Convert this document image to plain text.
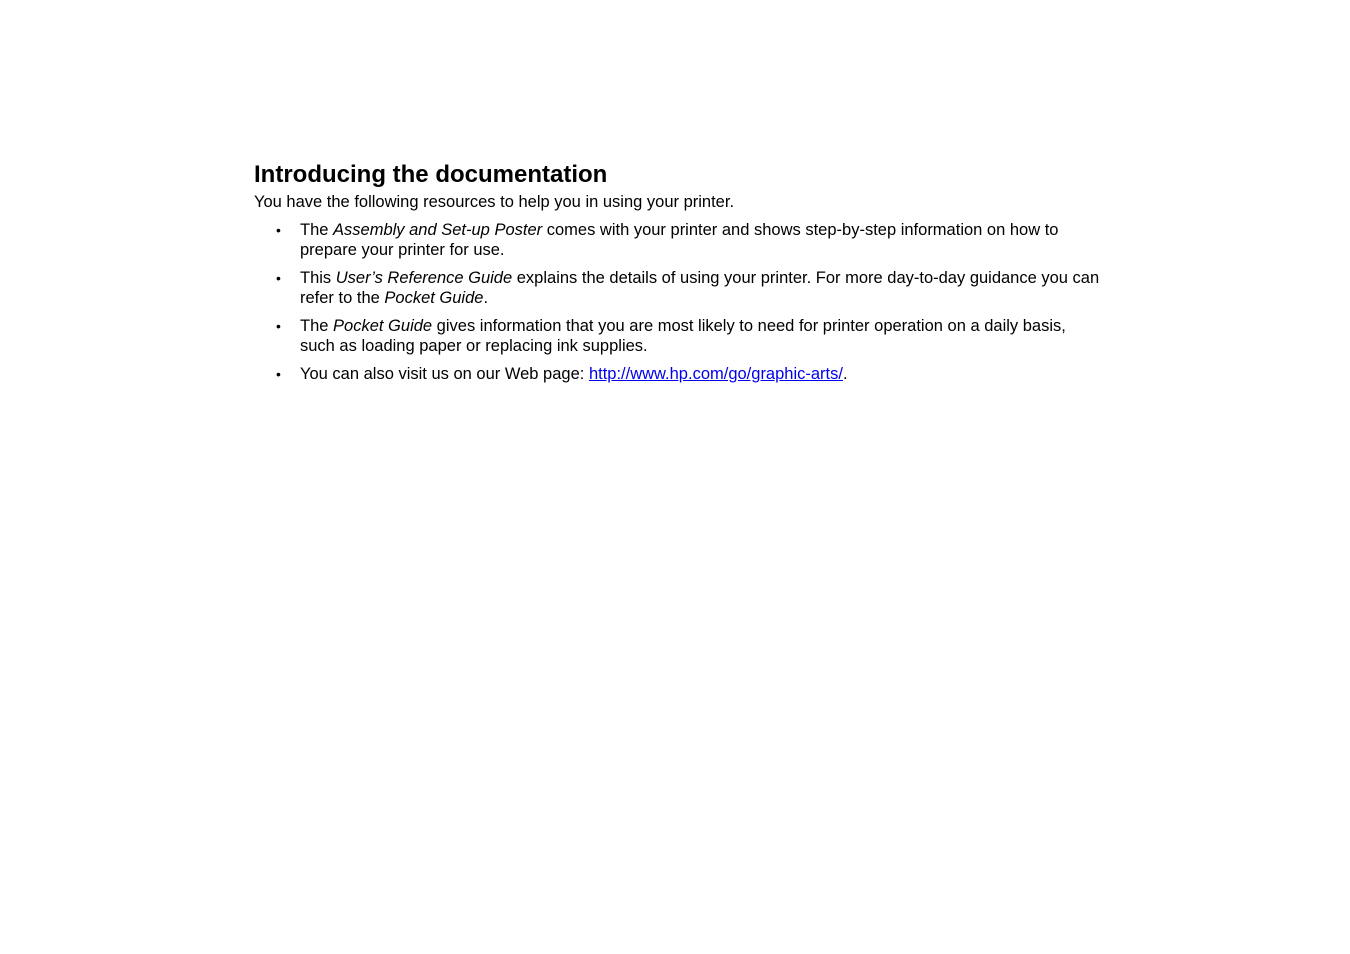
Introducing the documentation

You have the following resources to help you in using your printer.

• The Assembly and Set-up Poster comes with your printer and shows step-by-step information on how to prepare your printer for use.
• This User’s Reference Guide explains the details of using your printer. For more day-to-day guidance you can refer to the Pocket Guide.
• The Pocket Guide gives information that you are most likely to need for printer operation on a daily basis, such as loading paper or replacing ink supplies.
• You can also visit us on our Web page: http://www.hp.com/go/graphic-arts/.
